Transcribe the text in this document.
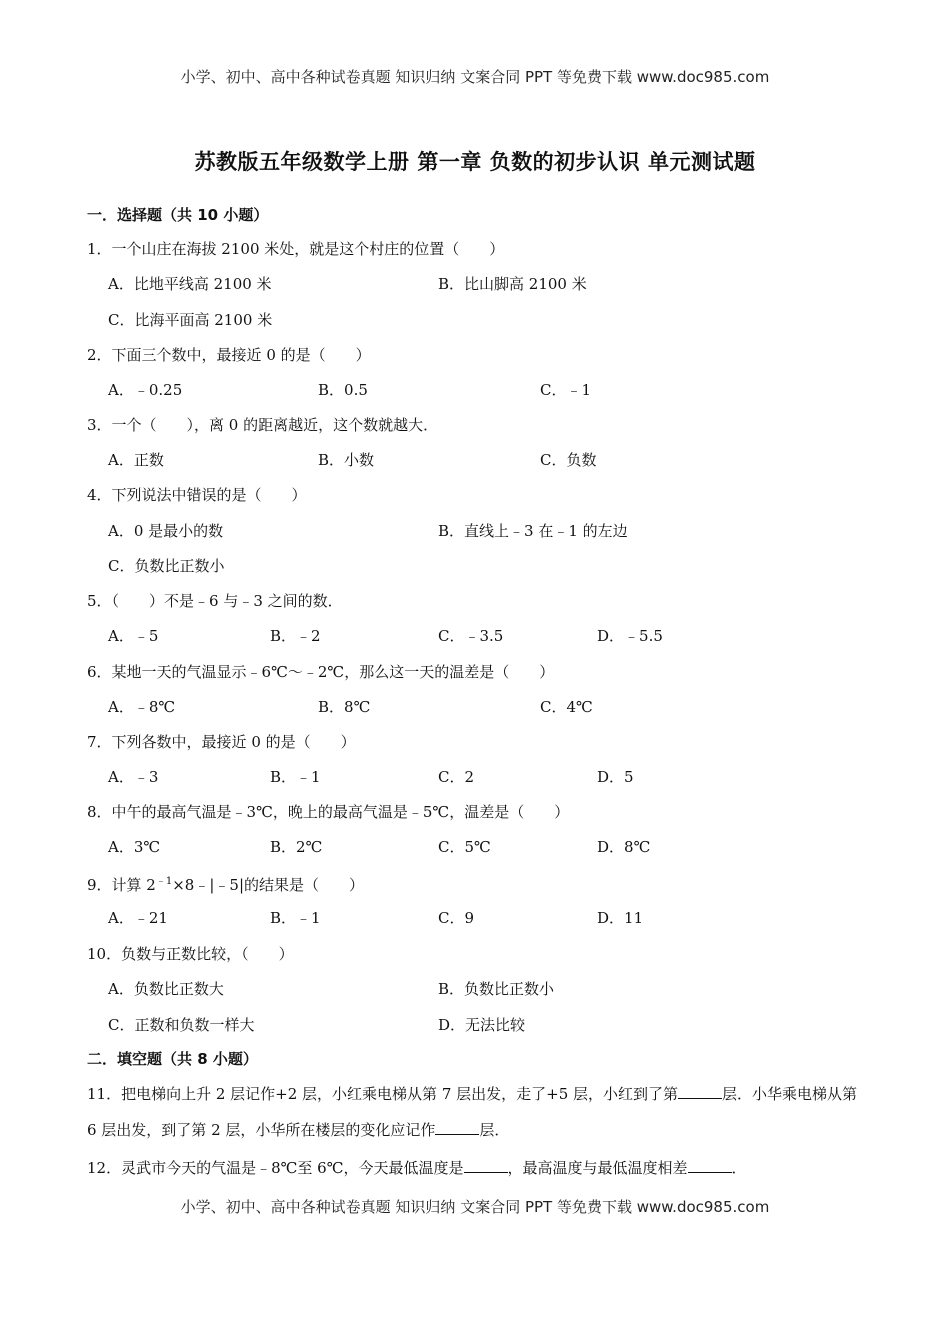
小学、初中、高中各种试卷真题 知识归纳 文案合同 PPT 等免费下载 www.doc985.com
苏教版五年级数学上册 第一章 负数的初步认识 单元测试题
一．选择题（共 10 小题）
1．一个山庄在海拔 2100 米处，就是这个村庄的位置（　　）
A．比地平线高 2100 米	B．比山脚高 2100 米
C．比海平面高 2100 米
2．下面三个数中，最接近 0 的是（　　）
A．﹣0.25	B．0.5	C．﹣1
3．一个（　　），离 0 的距离越近，这个数就越大．
A．正数	B．小数	C．负数
4．下列说法中错误的是（　　）
A．0 是最小的数	B．直线上﹣3 在﹣1 的左边
C．负数比正数小
5．（　　）不是﹣6 与﹣3 之间的数．
A．﹣5	B．﹣2	C．﹣3.5	D．﹣5.5
6．某地一天的气温显示﹣6℃～﹣2℃，那么这一天的温差是（　　）
A．﹣8℃	B．8℃	C．4℃
7．下列各数中，最接近 0 的是（　　）
A．﹣3	B．﹣1	C．2	D．5
8．中午的最高气温是﹣3℃，晚上的最高气温是﹣5℃，温差是（　　）
A．3℃	B．2℃	C．5℃	D．8℃
9．计算 $2^{﹣1}\times 8﹣|﹣5|$的结果是（　　）
A．﹣21	B．﹣1	C．9	D．11
10．负数与正数比较，（　　）
A．负数比正数大	B．负数比正数小
C．正数和负数一样大	D．无法比较
二．填空题（共 8 小题）
11．把电梯向上升 2 层记作+2 层，小红乘电梯从第 7 层出发，走了+5 层，小红到了第	层．小华乘电梯从第 6 层出发，到了第 2 层，小华所在楼层的变化应记作	层．
12．灵武市今天的气温是﹣8℃至 6℃，今天最低温度是	，最高温度与最低温度相差	．
小学、初中、高中各种试卷真题 知识归纳 文案合同 PPT 等免费下载 www.doc985.com
